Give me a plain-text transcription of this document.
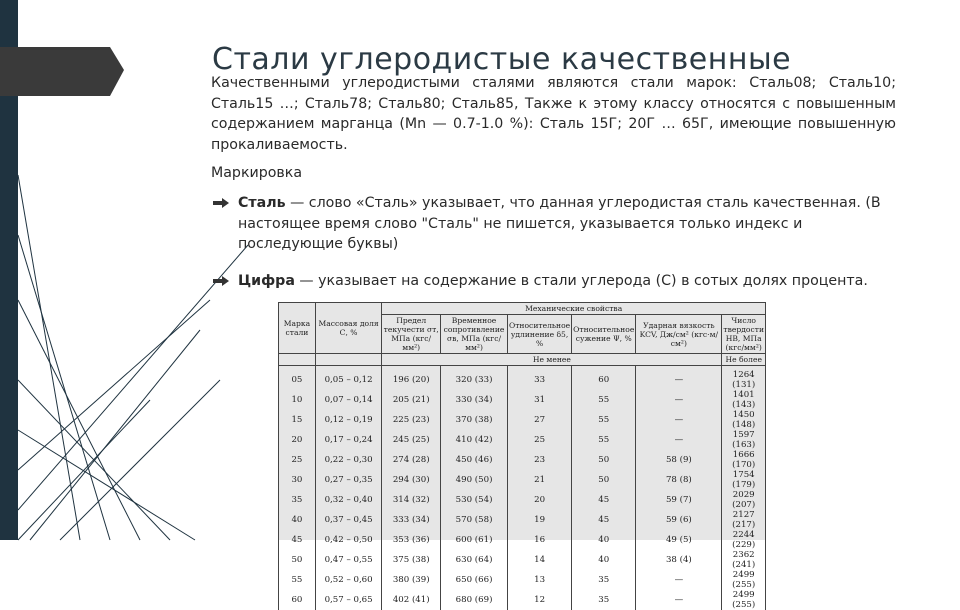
Стали углеродистые качественные

Качественными углеродистыми сталями являются стали марок: Сталь08; Сталь10; Сталь15 …; Сталь78; Сталь80; Сталь85, Также к этому классу относятся с повышенным содержанием марганца (Mn — 0.7-1.0 %): Сталь 15Г; 20Г … 65Г, имеющие повышенную прокаливаемость.

Маркировка
Сталь — слово «Сталь» указывает, что данная углеродистая сталь качественная. (В настоящее время слово "Сталь" не пишется, указывается только индекс и последующие буквы)
Цифра — указывает на содержание в стали углерода (С) в сотых долях процента.
Марка стали	Массовая доля С, %	Механические свойства					
		Предел текучести σт, МПа (кгс/мм²)	Временное сопротивление σв, МПа (кгс/мм²)	Относительное удлинение δ5, %	Относительное сужение Ψ, %	Ударная вязкость KCV, Дж/см² (кгс·м/см²)	Число твердости НВ, МПа (кгс/мм²)
		Не менее					Не более
05	0,05 – 0,12	196 (20)	320 (33)	33	60	—	1264 (131)
10	0,07 – 0,14	205 (21)	330 (34)	31	55	—	1401 (143)
15	0,12 – 0,19	225 (23)	370 (38)	27	55	—	1450 (148)
20	0,17 – 0,24	245 (25)	410 (42)	25	55	—	1597 (163)
25	0,22 – 0,30	274 (28)	450 (46)	23	50	58 (9)	1666 (170)
30	0,27 – 0,35	294 (30)	490 (50)	21	50	78 (8)	1754 (179)
35	0,32 – 0,40	314 (32)	530 (54)	20	45	59 (7)	2029 (207)
40	0,37 – 0,45	333 (34)	570 (58)	19	45	59 (6)	2127 (217)
45	0,42 – 0,50	353 (36)	600 (61)	16	40	49 (5)	2244 (229)
50	0,47 – 0,55	375 (38)	630 (64)	14	40	38 (4)	2362 (241)
55	0,52 – 0,60	380 (39)	650 (66)	13	35	—	2499 (255)
60	0,57 – 0,65	402 (41)	680 (69)	12	35	—	2499 (255)
